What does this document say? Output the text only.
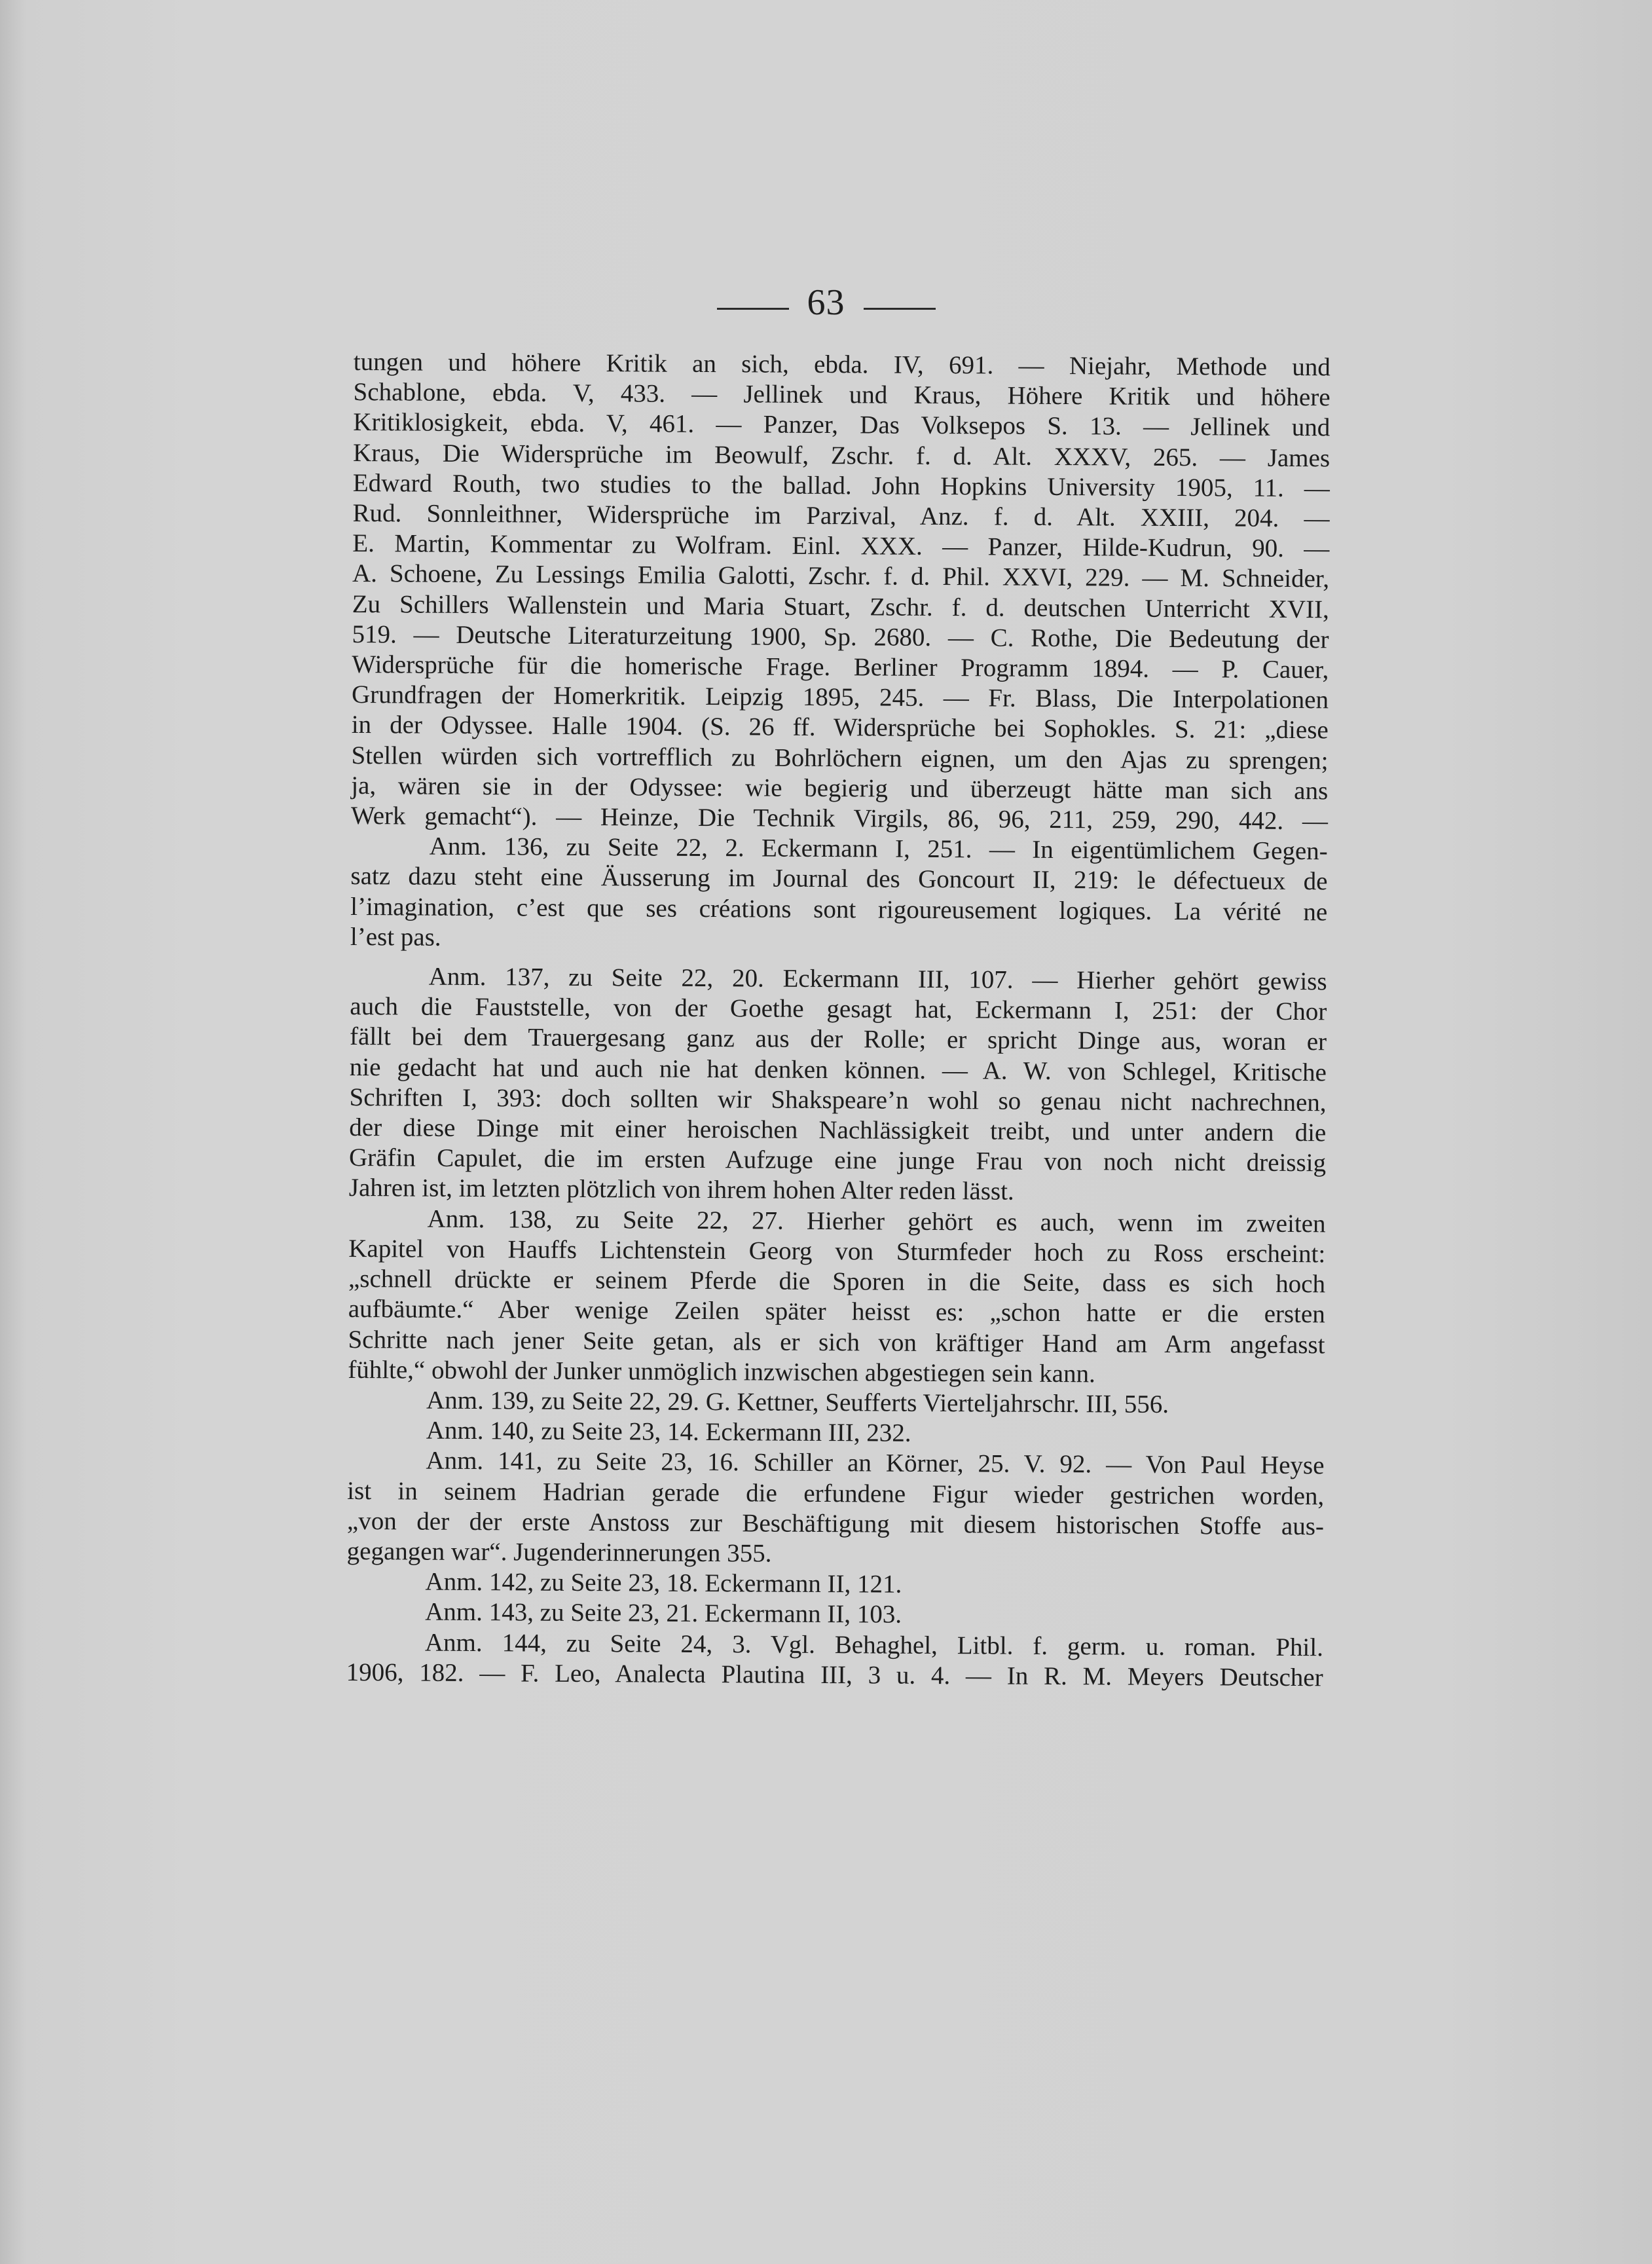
63
tungen und höhere Kritik an sich, ebda. IV, 691. — Niejahr, Methode und
Schablone, ebda. V, 433. — Jellinek und Kraus, Höhere Kritik und höhere
Kritiklosigkeit, ebda. V, 461. — Panzer, Das Volksepos S. 13. — Jellinek und
Kraus, Die Widersprüche im Beowulf, Zschr. f. d. Alt. XXXV, 265. — James
Edward Routh, two studies to the ballad. John Hopkins University 1905, 11. —
Rud. Sonnleithner, Widersprüche im Parzival, Anz. f. d. Alt. XXIII, 204. —
E. Martin, Kommentar zu Wolfram. Einl. XXX. — Panzer, Hilde-Kudrun, 90. —
A. Schoene, Zu Lessings Emilia Galotti, Zschr. f. d. Phil. XXVI, 229. — M. Schneider,
Zu Schillers Wallenstein und Maria Stuart, Zschr. f. d. deutschen Unterricht XVII,
519. — Deutsche Literaturzeitung 1900, Sp. 2680. — C. Rothe, Die Bedeutung der
Widersprüche für die homerische Frage. Berliner Programm 1894. — P. Cauer,
Grundfragen der Homerkritik. Leipzig 1895, 245. — Fr. Blass, Die Interpolationen
in der Odyssee. Halle 1904. (S. 26 ff. Widersprüche bei Sophokles. S. 21: „diese
Stellen würden sich vortrefflich zu Bohrlöchern eignen, um den Ajas zu sprengen;
ja, wären sie in der Odyssee: wie begierig und überzeugt hätte man sich ans
Werk gemacht“). — Heinze, Die Technik Virgils, 86, 96, 211, 259, 290, 442. —
Anm. 136, zu Seite 22, 2. Eckermann I, 251. — In eigentümlichem Gegen-
satz dazu steht eine Äusserung im Journal des Goncourt II, 219: le défectueux de
l’imagination, c’est que ses créations sont rigoureusement logiques. La vérité ne
l’est pas.
Anm. 137, zu Seite 22, 20. Eckermann III, 107. — Hierher gehört gewiss
auch die Fauststelle, von der Goethe gesagt hat, Eckermann I, 251: der Chor
fällt bei dem Trauergesang ganz aus der Rolle; er spricht Dinge aus, woran er
nie gedacht hat und auch nie hat denken können. — A. W. von Schlegel, Kritische
Schriften I, 393: doch sollten wir Shakspeare’n wohl so genau nicht nachrechnen,
der diese Dinge mit einer heroischen Nachlässigkeit treibt, und unter andern die
Gräfin Capulet, die im ersten Aufzuge eine junge Frau von noch nicht dreissig
Jahren ist, im letzten plötzlich von ihrem hohen Alter reden lässt.
Anm. 138, zu Seite 22, 27. Hierher gehört es auch, wenn im zweiten
Kapitel von Hauffs Lichtenstein Georg von Sturmfeder hoch zu Ross erscheint:
„schnell drückte er seinem Pferde die Sporen in die Seite, dass es sich hoch
aufbäumte.“ Aber wenige Zeilen später heisst es: „schon hatte er die ersten
Schritte nach jener Seite getan, als er sich von kräftiger Hand am Arm angefasst
fühlte,“ obwohl der Junker unmöglich inzwischen abgestiegen sein kann.
Anm. 139, zu Seite 22, 29. G. Kettner, Seufferts Vierteljahrschr. III, 556.
Anm. 140, zu Seite 23, 14. Eckermann III, 232.
Anm. 141, zu Seite 23, 16. Schiller an Körner, 25. V. 92. — Von Paul Heyse
ist in seinem Hadrian gerade die erfundene Figur wieder gestrichen worden,
„von der der erste Anstoss zur Beschäftigung mit diesem historischen Stoffe aus-
gegangen war“. Jugenderinnerungen 355.
Anm. 142, zu Seite 23, 18. Eckermann II, 121.
Anm. 143, zu Seite 23, 21. Eckermann II, 103.
Anm. 144, zu Seite 24, 3. Vgl. Behaghel, Litbl. f. germ. u. roman. Phil.
1906, 182. — F. Leo, Analecta Plautina III, 3 u. 4. — In R. M. Meyers Deutscher
